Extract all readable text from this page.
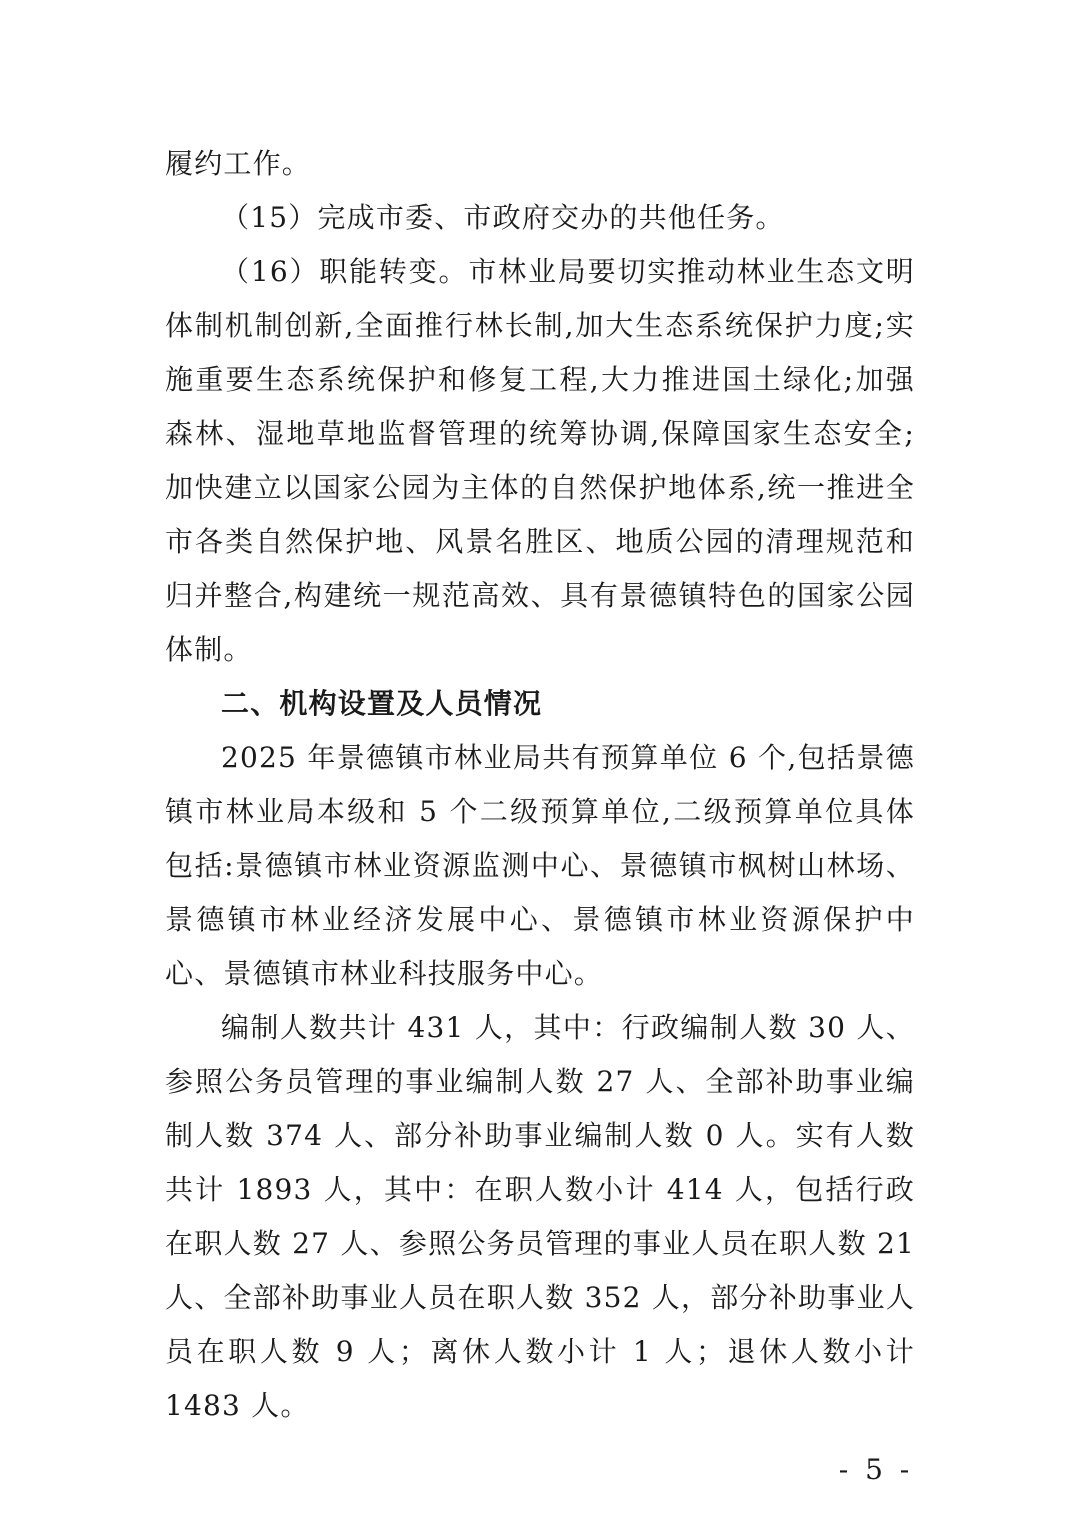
履约工作。

（15）完成市委、市政府交办的共他任务。

（16）职能转变。市林业局要切实推动林业生态文明体制机制创新,全面推行林长制,加大生态系统保护力度;实施重要生态系统保护和修复工程,大力推进国土绿化;加强森林、湿地草地监督管理的统筹协调,保障国家生态安全;加快建立以国家公园为主体的自然保护地体系,统一推进全市各类自然保护地、风景名胜区、地质公园的清理规范和归并整合,构建统一规范高效、具有景德镇特色的国家公园体制。

二、机构设置及人员情况

2025 年景德镇市林业局共有预算单位 6 个,包括景德镇市林业局本级和 5 个二级预算单位,二级预算单位具体包括:景德镇市林业资源监测中心、景德镇市枫树山林场、景德镇市林业经济发展中心、景德镇市林业资源保护中心、景德镇市林业科技服务中心。

编制人数共计 431 人，其中：行政编制人数 30 人、参照公务员管理的事业编制人数 27 人、全部补助事业编制人数 374 人、部分补助事业编制人数 0 人。实有人数共计 1893 人，其中：在职人数小计 414 人，包括行政在职人数 27 人、参照公务员管理的事业人员在职人数 21 人、全部补助事业人员在职人数 352 人，部分补助事业人员在职人数 9 人；离休人数小计 1 人；退休人数小计 1483 人。

- 5 -
